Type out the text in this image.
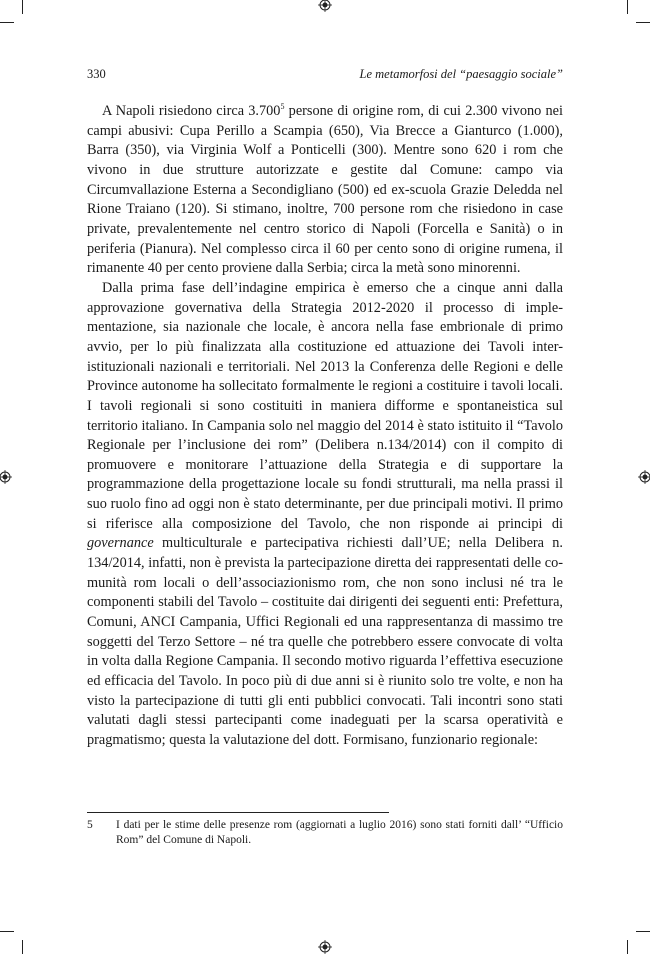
330	Le metamorfosi del “paesaggio sociale”

A Napoli risiedono circa 3.700$^5$ persone di origine rom, di cui 2.300 vivono nei campi abusivi: Cupa Perillo a Scampia (650), Via Brecce a Gianturco (1.000), Barra (350), via Virginia Wolf a Ponticelli (300). Mentre sono 620 i rom che vivono in due strutture autorizzate e gestite dal Comune: campo via Circumvallazione Esterna a Secondigliano (500) ed ex-scuola Grazie Deledda nel Rione Traiano (120). Si stimano, inoltre, 700 persone rom che risiedono in case private, prevalentemente nel centro storico di Napoli (Forcella e Sanità) o in periferia (Pianura). Nel complesso circa il 60 per cento sono di origine rumena, il rimanente 40 per cento proviene dalla Serbia; circa la metà sono minorenni.

Dalla prima fase dell’indagine empirica è emerso che a cinque anni dalla approvazione governativa della Strategia 2012-2020 il processo di implementazione, sia nazionale che locale, è ancora nella fase embrionale di primo avvio, per lo più finalizzata alla costituzione ed attuazione dei Tavoli inter-istituzionali nazionali e territoriali. Nel 2013 la Conferenza delle Regioni e delle Province autonome ha sollecitato formalmente le regioni a costituire i tavoli locali. I tavoli regionali si sono costituiti in maniera difforme e spontaneistica sul territorio italiano. In Campania solo nel maggio del 2014 è stato istituito il “Tavolo Regionale per l’inclusione dei rom” (Delibera n.134/2014) con il compito di promuovere e monitorare l’attuazione della Strategia e di supportare la programmazione della progettazione locale su fondi strutturali, ma nella prassi il suo ruolo fino ad oggi non è stato determinante, per due principali motivi. Il primo si riferisce alla composizione del Tavolo, che non risponde ai principi di governance multiculturale e partecipativa richiesti dall’UE; nella Delibera n. 134/2014, infatti, non è prevista la partecipazione diretta dei rappresentati delle comunità rom locali o dell’associazionismo rom, che non sono inclusi né tra le componenti stabili del Tavolo – costituite dai dirigenti dei seguenti enti: Prefettura, Comuni, ANCI Campania, Uffici Regionali ed una rappresentanza di massimo tre soggetti del Terzo Settore – né tra quelle che potrebbero essere convocate di volta in volta dalla Regione Campania. Il secondo motivo riguarda l’effettiva esecuzione ed efficacia del Tavolo. In poco più di due anni si è riunito solo tre volte, e non ha visto la partecipazione di tutti gli enti pubblici convocati. Tali incontri sono stati valutati dagli stessi partecipanti come inadeguati per la scarsa operatività e pragmatismo; questa la valutazione del dott. Formisano, funzionario regionale:

5 I dati per le stime delle presenze rom (aggiornati a luglio 2016) sono stati forniti dall’ “Ufficio Rom” del Comune di Napoli.
